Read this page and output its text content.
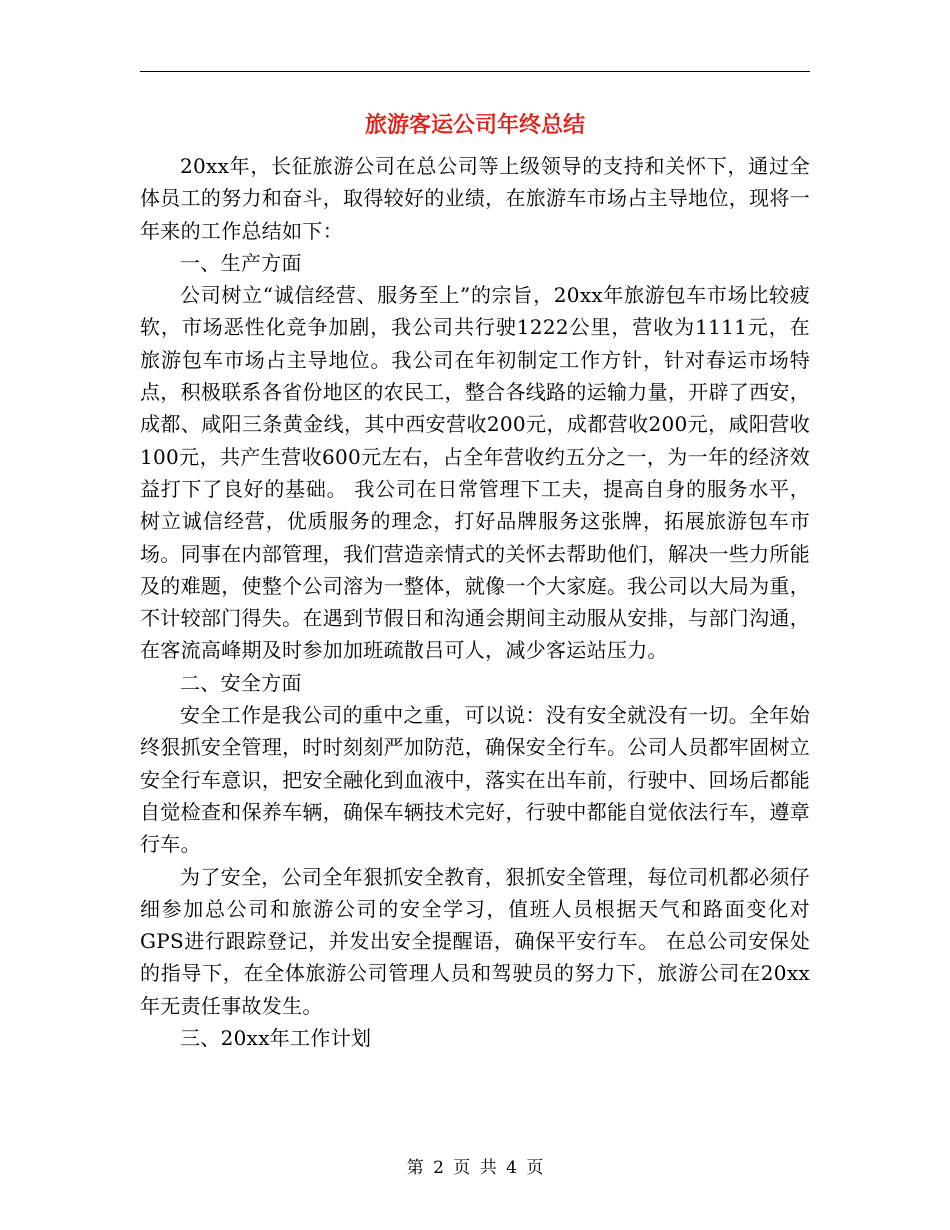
旅游客运公司年终总结

20xx年，长征旅游公司在总公司等上级领导的支持和关怀下，通过全体员工的努力和奋斗，取得较好的业绩，在旅游车市场占主导地位，现将一年来的工作总结如下：

一、生产方面

公司树立“诚信经营、服务至上”的宗旨，20xx年旅游包车市场比较疲软，市场恶性化竞争加剧，我公司共行驶1222公里，营收为1111元，在旅游包车市场占主导地位。我公司在年初制定工作方针，针对春运市场特点，积极联系各省份地区的农民工，整合各线路的运输力量，开辟了西安，成都、咸阳三条黄金线，其中西安营收200元，成都营收200元，咸阳营收100元，共产生营收600元左右，占全年营收约五分之一，为一年的经济效益打下了良好的基础。 我公司在日常管理下工夫，提高自身的服务水平，树立诚信经营，优质服务的理念，打好品牌服务这张牌，拓展旅游包车市场。同事在内部管理，我们营造亲情式的关怀去帮助他们，解决一些力所能及的难题，使整个公司溶为一整体，就像一个大家庭。我公司以大局为重，不计较部门得失。在遇到节假日和沟通会期间主动服从安排，与部门沟通，在客流高峰期及时参加加班疏散吕可人，减少客运站压力。

二、安全方面

安全工作是我公司的重中之重，可以说：没有安全就没有一切。全年始终狠抓安全管理，时时刻刻严加防范，确保安全行车。公司人员都牢固树立安全行车意识，把安全融化到血液中，落实在出车前，行驶中、回场后都能自觉检查和保养车辆，确保车辆技术完好，行驶中都能自觉依法行车，遵章行车。

为了安全，公司全年狠抓安全教育，狠抓安全管理，每位司机都必须仔细参加总公司和旅游公司的安全学习，值班人员根据天气和路面变化对GPS进行跟踪登记，并发出安全提醒语，确保平安行车。 在总公司安保处的指导下，在全体旅游公司管理人员和驾驶员的努力下，旅游公司在20xx年无责任事故发生。

三、20xx年工作计划

第 2 页 共 4 页
